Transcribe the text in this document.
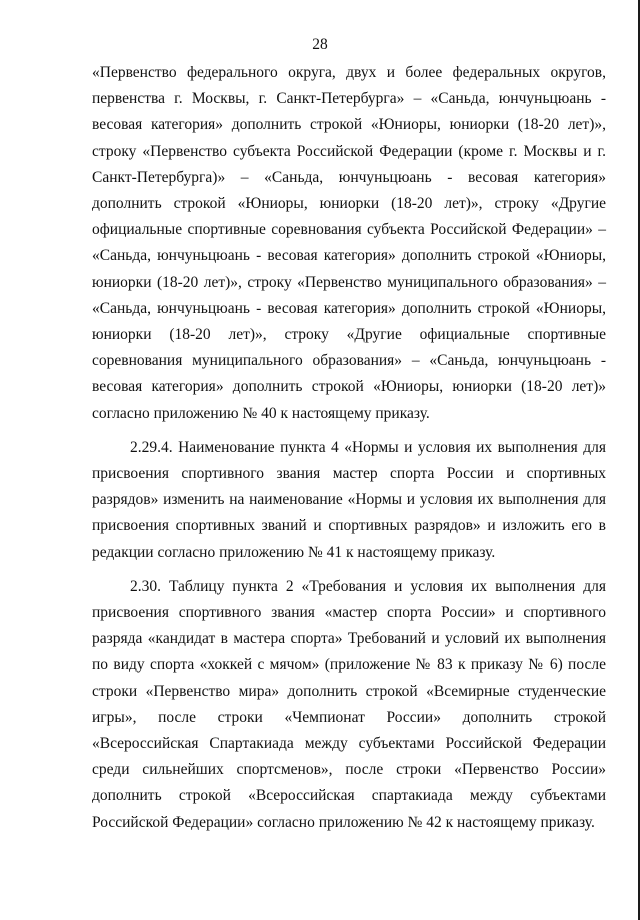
28

«Первенство федерального округа, двух и более федеральных округов, первенства г. Москвы, г. Санкт-Петербурга» – «Саньда, юнчуньцюань - весовая категория» дополнить строкой «Юниоры, юниорки (18-20 лет)», строку «Первенство субъекта Российской Федерации (кроме г. Москвы и г. Санкт-Петербурга)» – «Саньда, юнчуньцюань - весовая категория» дополнить строкой «Юниоры, юниорки (18-20 лет)», строку «Другие официальные спортивные соревнования субъекта Российской Федерации» – «Саньда, юнчуньцюань - весовая категория» дополнить строкой «Юниоры, юниорки (18-20 лет)», строку «Первенство муниципального образования» – «Саньда, юнчуньцюань - весовая категория» дополнить строкой «Юниоры, юниорки (18-20 лет)», строку «Другие официальные спортивные соревнования муниципального образования» – «Саньда, юнчуньцюань - весовая категория» дополнить строкой «Юниоры, юниорки (18-20 лет)» согласно приложению № 40 к настоящему приказу.

2.29.4. Наименование пункта 4 «Нормы и условия их выполнения для присвоения спортивного звания мастер спорта России и спортивных разрядов» изменить на наименование «Нормы и условия их выполнения для присвоения спортивных званий и спортивных разрядов» и изложить его в редакции согласно приложению № 41 к настоящему приказу.

2.30. Таблицу пункта 2 «Требования и условия их выполнения для присвоения спортивного звания «мастер спорта России» и спортивного разряда «кандидат в мастера спорта» Требований и условий их выполнения по виду спорта «хоккей с мячом» (приложение № 83 к приказу № 6) после строки «Первенство мира» дополнить строкой «Всемирные студенческие игры», после строки «Чемпионат России» дополнить строкой «Всероссийская Спартакиада между субъектами Российской Федерации среди сильнейших спортсменов», после строки «Первенство России» дополнить строкой «Всероссийская спартакиада между субъектами Российской Федерации» согласно приложению № 42 к настоящему приказу.
